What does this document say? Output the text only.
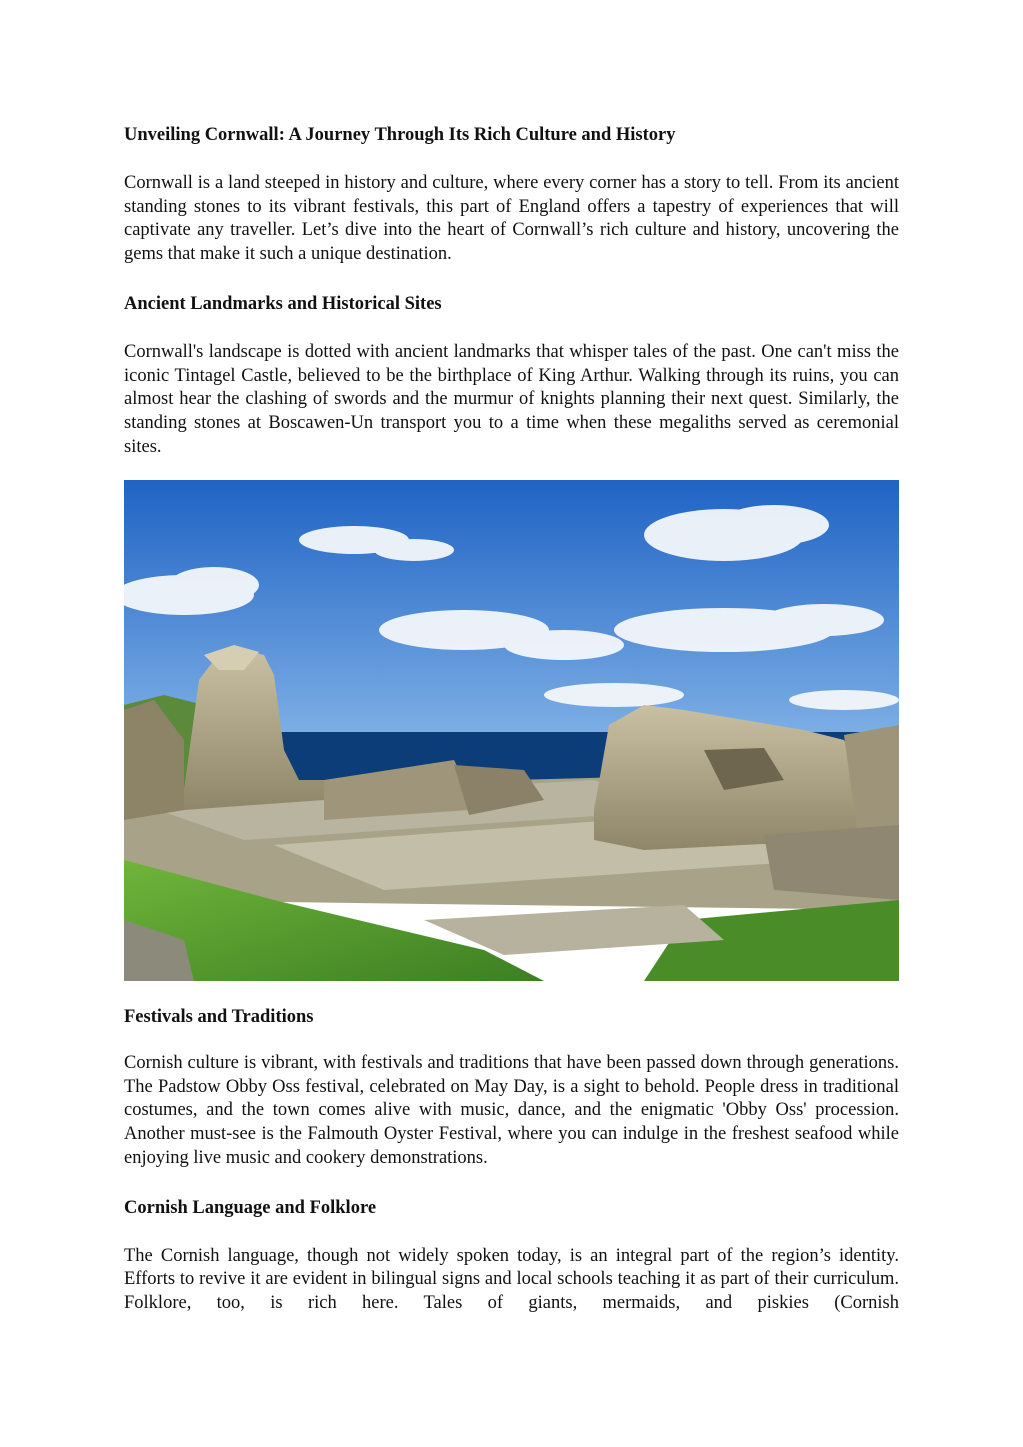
Unveiling Cornwall: A Journey Through Its Rich Culture and History

Cornwall is a land steeped in history and culture, where every corner has a story to tell. From its ancient standing stones to its vibrant festivals, this part of England offers a tapestry of experiences that will captivate any traveller. Let’s dive into the heart of Cornwall’s rich culture and history, uncovering the gems that make it such a unique destination.

Ancient Landmarks and Historical Sites

Cornwall's landscape is dotted with ancient landmarks that whisper tales of the past. One can't miss the iconic Tintagel Castle, believed to be the birthplace of King Arthur. Walking through its ruins, you can almost hear the clashing of swords and the murmur of knights planning their next quest. Similarly, the standing stones at Boscawen-Un transport you to a time when these megaliths served as ceremonial sites.

Festivals and Traditions

Cornish culture is vibrant, with festivals and traditions that have been passed down through generations. The Padstow Obby Oss festival, celebrated on May Day, is a sight to behold. People dress in traditional costumes, and the town comes alive with music, dance, and the enigmatic 'Obby Oss' procession. Another must-see is the Falmouth Oyster Festival, where you can indulge in the freshest seafood while enjoying live music and cookery demonstrations.

Cornish Language and Folklore

The Cornish language, though not widely spoken today, is an integral part of the region’s identity. Efforts to revive it are evident in bilingual signs and local schools teaching it as part of their curriculum. Folklore, too, is rich here. Tales of giants, mermaids, and piskies (Cornish
